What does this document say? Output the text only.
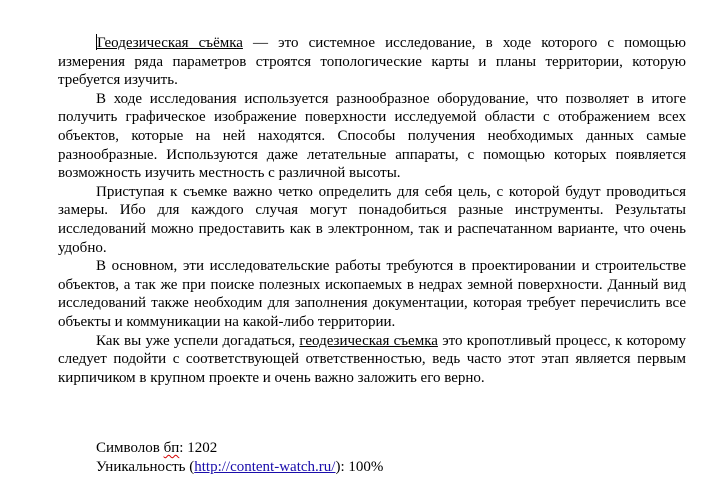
Геодезическая съёмка — это системное исследование, в ходе которого с помощью измерения ряда параметров строятся топологические карты и планы территории, которую требуется изучить.

В ходе исследования используется разнообразное оборудование, что позволяет в итоге получить графическое изображение поверхности исследуемой области с отображением всех объектов, которые на ней находятся. Способы получения необходимых данных самые разнообразные. Используются даже летательные аппараты, с помощью которых появляется возможность изучить местность с различной высоты.

Приступая к съемке важно четко определить для себя цель, с которой будут проводиться замеры. Ибо для каждого случая могут понадобиться разные инструменты. Результаты исследований можно предоставить как в электронном, так и распечатанном варианте, что очень удобно.

В основном, эти исследовательские работы требуются в проектировании и строительстве объектов, а так же при поиске полезных ископаемых в недрах земной поверхности. Данный вид исследований также необходим для заполнения документации, которая требует перечислить все объекты и коммуникации на какой-либо территории.

Как вы уже успели догадаться, геодезическая съемка это кропотливый процесс, к которому следует подойти с соответствующей ответственностью, ведь часто этот этап является первым кирпичиком в крупном проекте и очень важно заложить его верно.

Символов бп: 1202

Уникальность (http://content-watch.ru/): 100%
